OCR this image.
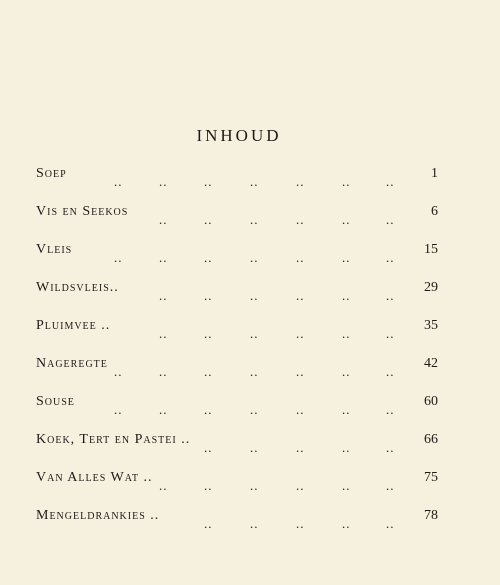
INHOUD
Soep	1
..	..	..	..	..	..	..
Vis en Seekos	6
..	..	..	..	..	..
Vleis	15
..	..	..	..	..	..	..
Wildsvleis..	29
..	..	..	..	..	..
Pluimvee ..	35
..	..	..	..	..	..
Nageregte	42
..	..	..	..	..	..	..
Souse	60
..	..	..	..	..	..	..
Koek, Tert en Pastei ..	66
..	..	..	..	..
Van Alles Wat ..	75
..	..	..	..	..	..
Mengeldrankies ..	78
..	..	..	..	..
